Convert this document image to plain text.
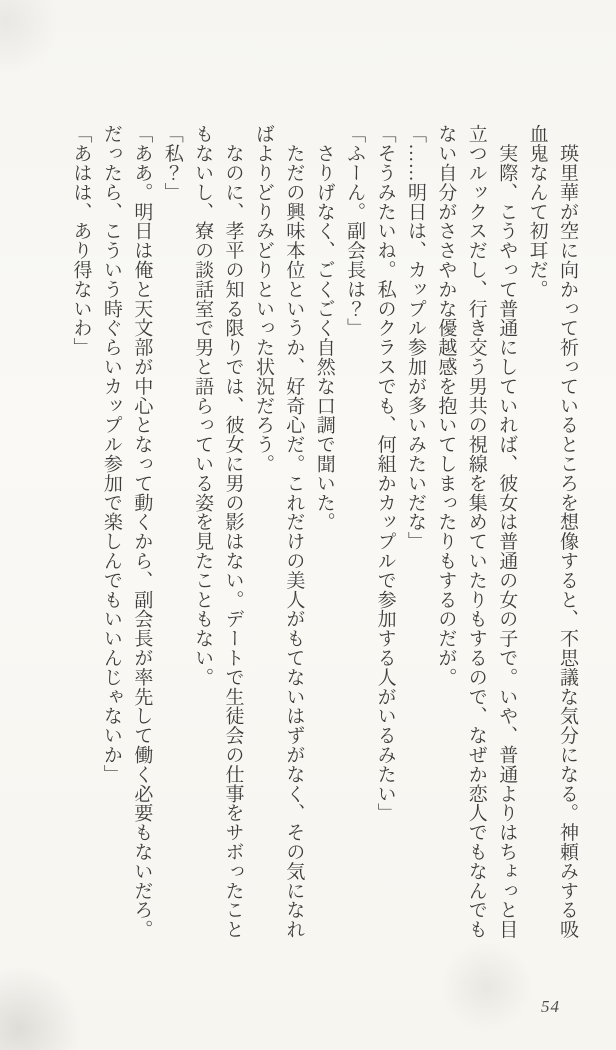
　瑛里華が空に向かって祈っているところを想像すると、不思議な気分になる。神頼みする吸

血鬼なんて初耳だ。

　実際、こうやって普通にしていれば、彼女は普通の女の子で。いや、普通よりはちょっと目

立つルックスだし、行き交う男共の視線を集めていたりもするので、なぜか恋人でもなんでも

ない自分がささやかな優越感を抱いてしまったりもするのだが。

「……明日は、カップル参加が多いみたいだな」

「そうみたいね。私のクラスでも、何組かカップルで参加する人がいるみたい」

「ふーん。副会長は？」

　さりげなく、ごくごく自然な口調で聞いた。

　ただの興味本位というか、好奇心だ。これだけの美人がもてないはずがなく、その気になれ

ばよりどりみどりといった状況だろう。

　なのに、孝平の知る限りでは、彼女に男の影はない。デートで生徒会の仕事をサボったこと

もないし、寮の談話室で男と語らっている姿を見たこともない。

「私？」

「ああ。明日は俺と天文部が中心となって動くから、副会長が率先して働く必要もないだろ。

だったら、こういう時ぐらいカップル参加で楽しんでもいいんじゃないか」

「あはは、あり得ないわ」

54
